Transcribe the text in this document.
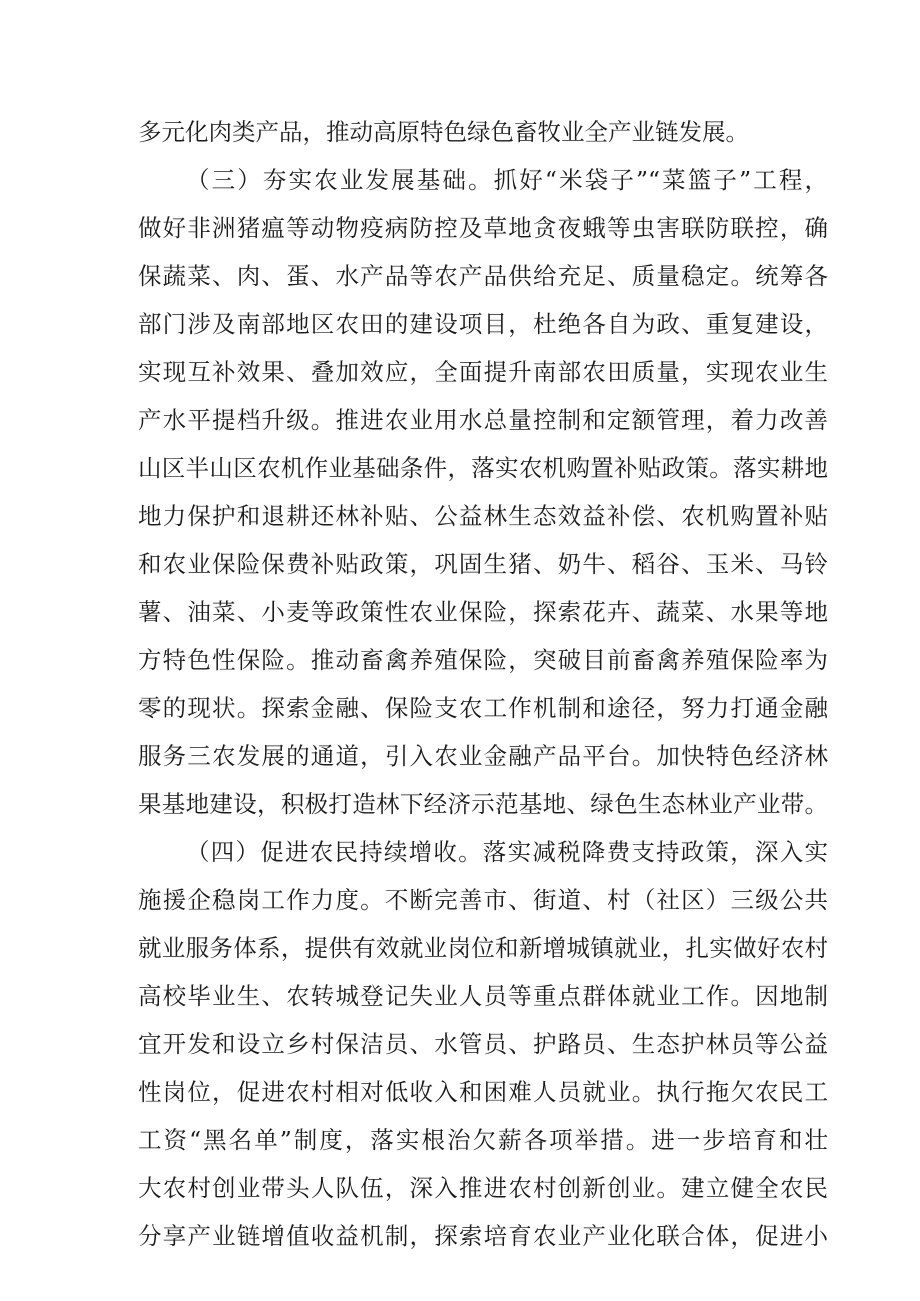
多元化肉类产品，推动高原特色绿色畜牧业全产业链发展。
（三）夯实农业发展基础。抓好“米袋子”“菜篮子”工程，
做好非洲猪瘟等动物疫病防控及草地贪夜蛾等虫害联防联控，确
保蔬菜、肉、蛋、水产品等农产品供给充足、质量稳定。统筹各
部门涉及南部地区农田的建设项目，杜绝各自为政、重复建设，
实现互补效果、叠加效应，全面提升南部农田质量，实现农业生
产水平提档升级。推进农业用水总量控制和定额管理，着力改善
山区半山区农机作业基础条件，落实农机购置补贴政策。落实耕地
地力保护和退耕还林补贴、公益林生态效益补偿、农机购置补贴
和农业保险保费补贴政策，巩固生猪、奶牛、稻谷、玉米、马铃
薯、油菜、小麦等政策性农业保险，探索花卉、蔬菜、水果等地
方特色性保险。推动畜禽养殖保险，突破目前畜禽养殖保险率为
零的现状。探索金融、保险支农工作机制和途径，努力打通金融
服务三农发展的通道，引入农业金融产品平台。加快特色经济林
果基地建设，积极打造林下经济示范基地、绿色生态林业产业带。
（四）促进农民持续增收。落实减税降费支持政策，深入实
施援企稳岗工作力度。不断完善市、街道、村（社区）三级公共
就业服务体系，提供有效就业岗位和新增城镇就业，扎实做好农村
高校毕业生、农转城登记失业人员等重点群体就业工作。因地制
宜开发和设立乡村保洁员、水管员、护路员、生态护林员等公益
性岗位，促进农村相对低收入和困难人员就业。执行拖欠农民工
工资“黑名单”制度，落实根治欠薪各项举措。进一步培育和壮
大农村创业带头人队伍，深入推进农村创新创业。建立健全农民
分享产业链增值收益机制，探索培育农业产业化联合体，促进小
